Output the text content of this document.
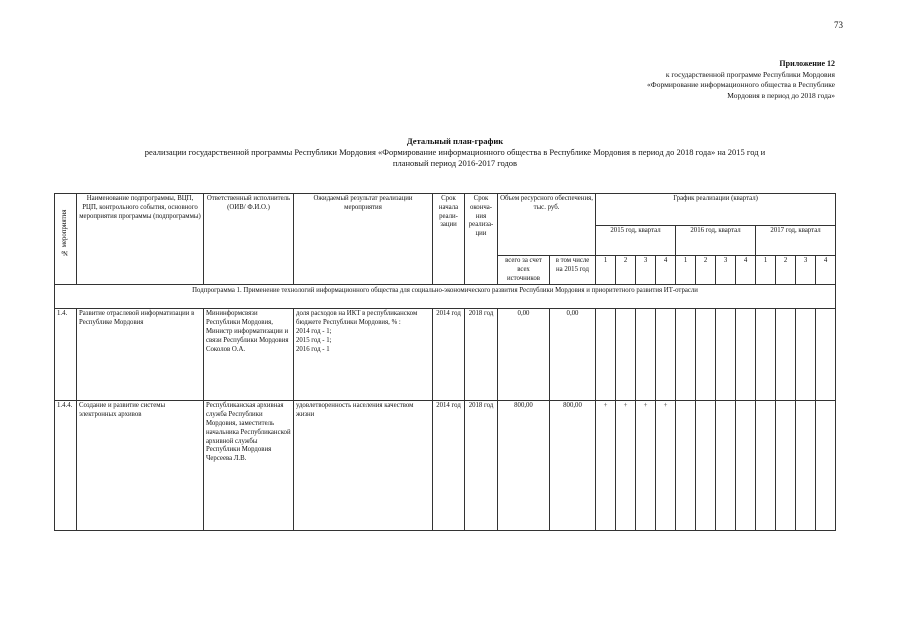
73
Приложение 12
к государственной программе Республики Мордовия
«Формирование информационного общества в Республике
Мордовия в период до 2018 года»
Детальный план-график
реализации государственной программы Республики Мордовия «Формирование информационного общества в Республике Мордовия в период до 2018 года» на 2015 год и
плановый период 2016-2017 годов
№ мероприятия	Наименование подпрограммы, ВЦП, РЦП, контрольного события, основного мероприятия программы (подпрограммы)	Ответственный исполнитель (ОИВ/ Ф.И.О.)	Ожидаемый результат реализации мероприятия	Срок начала реали-зации	Срок оконча-ния реализа-ции	Объем ресурсного обеспечения, тыс. руб.		График реализации (квартал)											
								2015 год, квартал				2016 год, квартал				2017 год, квартал			
						всего за счет всех источников	в том числе на 2015 год	1	2	3	4	1	2	3	4	1	2	3	4
Подпрограмма 1. Применение технологий информационного общества для социально-экономического развития Республики Мордовия и приоритетного развития ИТ-отрасли																			
1.4.	Развитие отраслевой информатизации в Республике Мордовия	Мининформсвязи Республики Мордовия, Министр информатизации и связи Республики Мордовия Соколов О.А.	доля расходов на ИКТ в республиканском бюджете Республики Мордовия, % :
2014 год - 1;
2015 год - 1;
2016 год - 1	2014 год	2018 год	0,00	0,00												
1.4.4.	Создание и развитие системы электронных архивов	Республиканская архивная служба Республики Мордовия, заместитель начальника Республиканской архивной службы Республики Мордовия Черсеева Л.В.	удовлетворенность населения качеством жизни	2014 год	2018 год	800,00	800,00	+	+	+	+								
